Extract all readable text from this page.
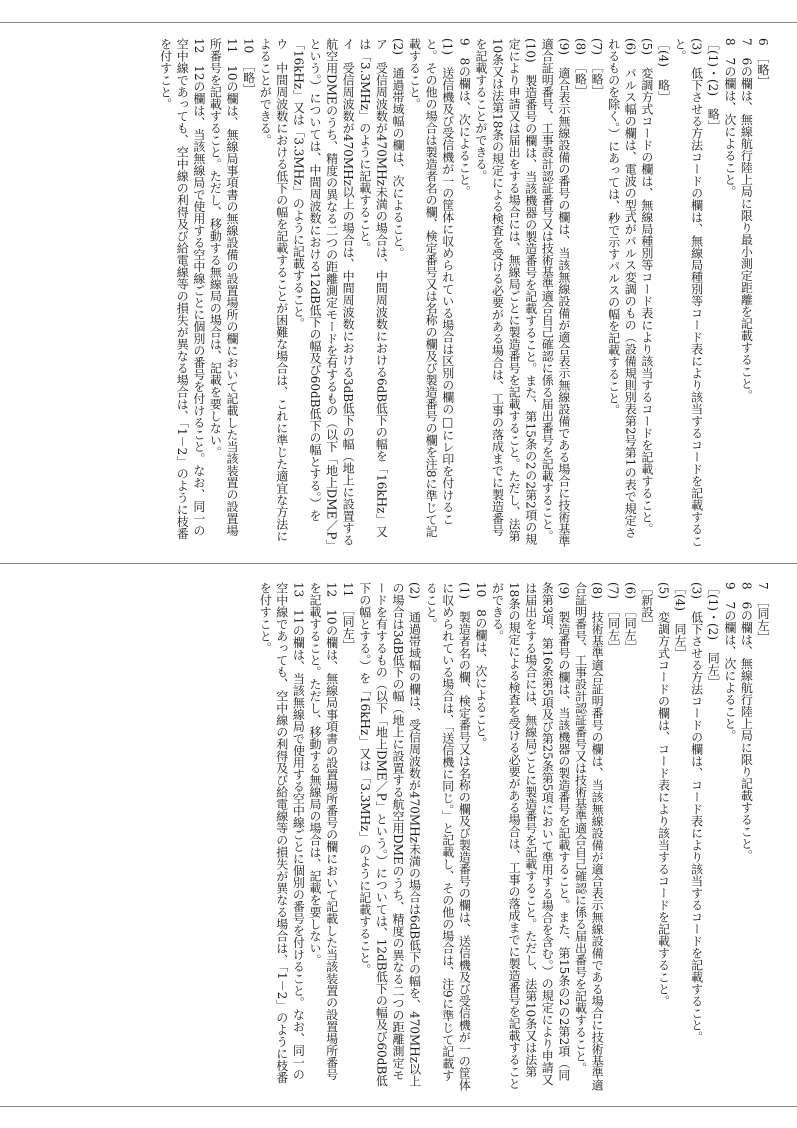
6　［略］

7　6の欄は、無線航行陸上局に限り最小測定距離を記載すること。

8　7の欄は、次によること。

［(1)・(2)　略］

(3)　低下させる方法コードの欄は、無線局種別等コード表により該当するコードを記載すること。

［(4)　略］

(5)　変調方式コードの欄は、無線局種別等コード表により該当するコードを記載すること。

(6)　パルス幅の欄は、電波の型式がパルス変調のもの（設備規則別表第2号第1の表で規定されるものを除く。）にあっては、秒で示すパルスの幅を記載すること。

(7)　［略］

(8)　［略］

(9)　適合表示無線設備の番号の欄は、当該無線設備が適合表示無線設備である場合に技術基準適合証明番号、工事設計認証番号又は技術基準適合自己確認に係る届出番号を記載すること。

(10)　製造番号の欄は、当該機器の製造番号を記載すること。また、第15条の2の2第2項の規定により申請又は届出をする場合には、無線局ごとに製造番号を記載すること。ただし、法第10条又は法第18条の規定による検査を受ける必要がある場合は、工事の落成までに製造番号を記載することができる。

9　8の欄は、次によること。

(1)　送信機及び受信機が一の筐体に収められている場合は区別の欄の□にレ印を付けること。その他の場合は製造者名の欄、検定番号又は名称の欄及び製造番号の欄を注8に準じて記載すること。

(2)　通過帯域幅の欄は、次によること。

ア　受信周波数が470MHz未満の場合は、中間周波数における6dB低下の幅を「16kHz」又は「3.3MHz」のように記載すること。

イ　受信周波数が470MHz以上の場合は、中間周波数における3dB低下の幅（地上に設置する航空用DMEのうち、精度の異なる二つの距離測定モードを有するもの（以下「地上DME／P」という。）については、中間周波数における12dB低下の幅及び60dB低下の幅とする。）を「16kHz」又は「3.3MHz」のように記載すること。

ウ　中間周波数における低下の幅を記載することが困難な場合は、これに準じた適宜な方法によることができる。

10　［略］

11　10の欄は、無線局事項書の無線設備の設置場所の欄において記載した当該装置の設置場所番号を記載すること。ただし、移動する無線局の場合は、記載を要しない。

12　12の欄は、当該無線局で使用する空中線ごとに個別の番号を付けること。なお、同一の空中線であっても、空中線の利得及び給電線等の損失が異なる場合は、「1－2」のように枝番を付すこと。

7　［同左］

8　6の欄は、無線航行陸上局に限り記載すること。

9　7の欄は、次によること。

［(1)・(2)　同左］

(3)　低下させる方法コードの欄は、コード表により該当するコードを記載すること。

［(4)　同左］

(5)　変調方式コードの欄は、コード表により該当するコードを記載すること。

［新設］

(6)　［同左］

(7)　［同左］

(8)　技術基準適合証明番号の欄は、当該無線設備が適合表示無線設備である場合に技術基準適合証明番号、工事設計認証番号又は技術基準適合自己確認に係る届出番号を記載すること。

(9)　製造番号の欄は、当該機器の製造番号を記載すること。また、第15条の2の2第2項（同条第3項、第16条第5項及び第25条第5項において準用する場合を含む。）の規定により申請又は届出をする場合には、無線局ごとに製造番号を記載すること。ただし、法第10条又は法第18条の規定による検査を受ける必要がある場合は、工事の落成までに製造番号を記載することができる。

10　8の欄は、次によること。

(1)　製造者名の欄、検定番号又は名称の欄及び製造番号の欄は、送信機及び受信機が一の筐体に収められている場合は、「送信機に同じ。」と記載し、その他の場合は、注9に準じて記載すること。

(2)　通過帯域幅の欄は、受信周波数が470MHz未満の場合は6dB低下の幅を、470MHz以上の場合は3dB低下の幅（地上に設置する航空用DMEのうち、精度の異なる二つの距離測定モードを有するもの（以下「地上DME／P」という。）については、12dB低下の幅及び60dB低下の幅とする。）を「16kHz」又は「3.3MHz」のように記載すること。

11　［同左］

12　10の欄は、無線局事項書の設置場所番号の欄において記載した当該装置の設置場所番号を記載すること。ただし、移動する無線局の場合は、記載を要しない。

13　11の欄は、当該無線局で使用する空中線ごとに個別の番号を付けること。なお、同一の空中線であっても、空中線の利得及び給電線等の損失が異なる場合は、「1－2」のように枝番を付すこと。
